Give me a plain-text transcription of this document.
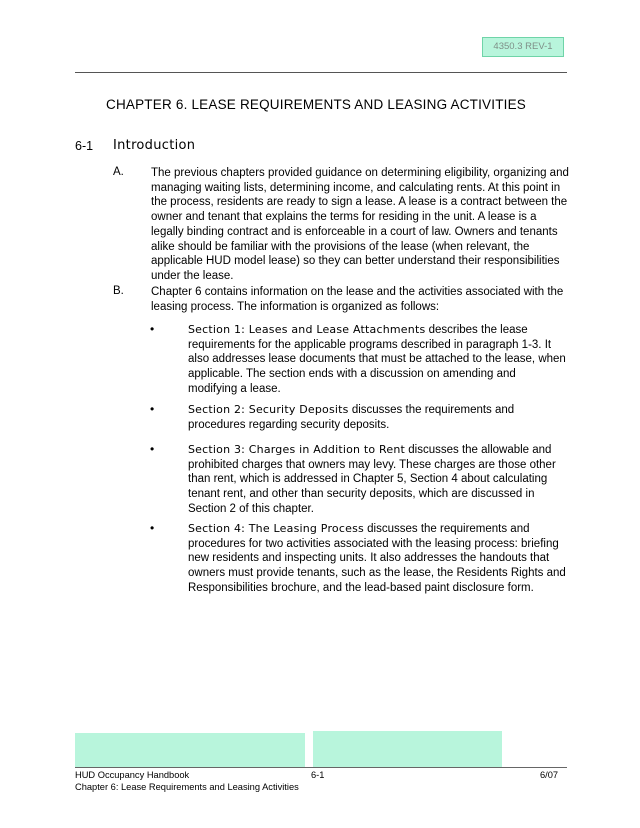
4350.3 REV-1
CHAPTER 6. LEASE REQUIREMENTS AND LEASING ACTIVITIES
6-1 Introduction
A. The previous chapters provided guidance on determining eligibility, organizing and managing waiting lists, determining income, and calculating rents. At this point in the process, residents are ready to sign a lease. A lease is a contract between the owner and tenant that explains the terms for residing in the unit. A lease is a legally binding contract and is enforceable in a court of law. Owners and tenants alike should be familiar with the provisions of the lease (when relevant, the applicable HUD model lease) so they can better understand their responsibilities under the lease.
B. Chapter 6 contains information on the lease and the activities associated with the leasing process. The information is organized as follows:
•	Section 1: Leases and Lease Attachments describes the lease requirements for the applicable programs described in paragraph 1-3. It also addresses lease documents that must be attached to the lease, when applicable. The section ends with a discussion on amending and modifying a lease.
•	Section 2: Security Deposits discusses the requirements and procedures regarding security deposits.
•	Section 3: Charges in Addition to Rent discusses the allowable and prohibited charges that owners may levy. These charges are those other than rent, which is addressed in Chapter 5, Section 4 about calculating tenant rent, and other than security deposits, which are discussed in Section 2 of this chapter.
•	Section 4: The Leasing Process discusses the requirements and procedures for two activities associated with the leasing process: briefing new residents and inspecting units. It also addresses the handouts that owners must provide tenants, such as the lease, the Residents Rights and Responsibilities brochure, and the lead-based paint disclosure form.
HUD Occupancy Handbook	6-1	6/07
Chapter 6: Lease Requirements and Leasing Activities
